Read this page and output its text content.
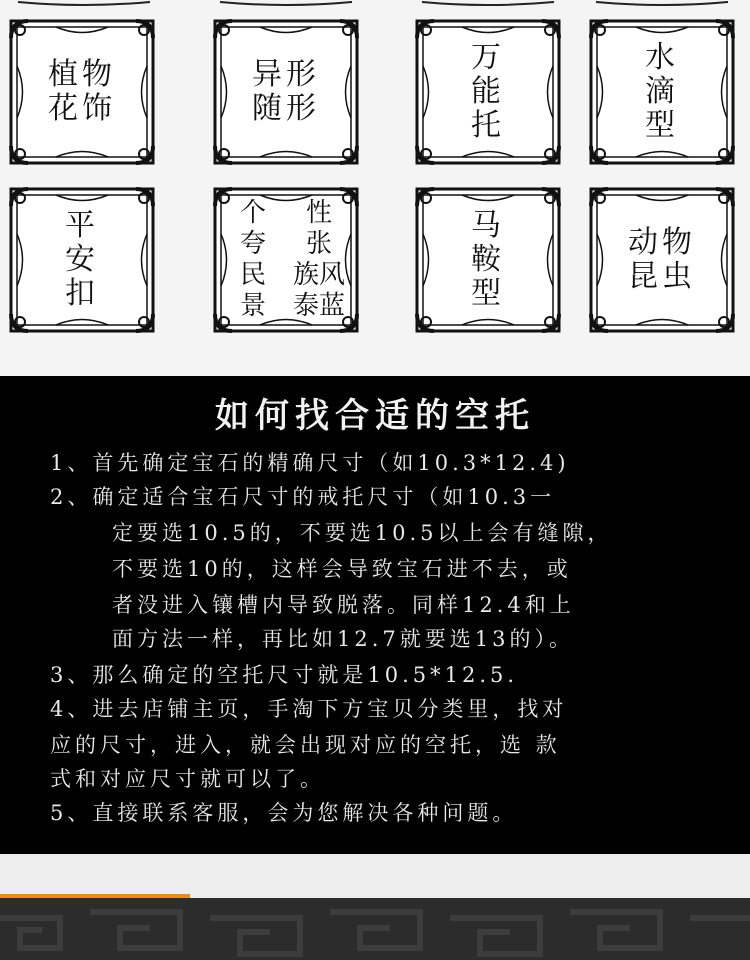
植物
花饰
异形
随形
万
能
托
水
滴
型
平
安
扣
个	性
夸	张
民	族风
景	泰蓝
马
鞍
型
动物
昆虫
如何找合适的空托
1、首先确定宝石的精确尺寸（如10.3*12.4)
2、确定适合宝石尺寸的戒托尺寸（如10.3一
定要选10.5的，不要选10.5以上会有缝隙，
不要选10的，这样会导致宝石进不去，或
者没进入镶槽内导致脱落。同样12.4和上
面方法一样，再比如12.7就要选13的）。
3、那么确定的空托尺寸就是10.5*12.5.
4、进去店铺主页，手淘下方宝贝分类里，找对
应的尺寸，进入，就会出现对应的空托，选 款
式和对应尺寸就可以了。
5、直接联系客服，会为您解决各种问题。
